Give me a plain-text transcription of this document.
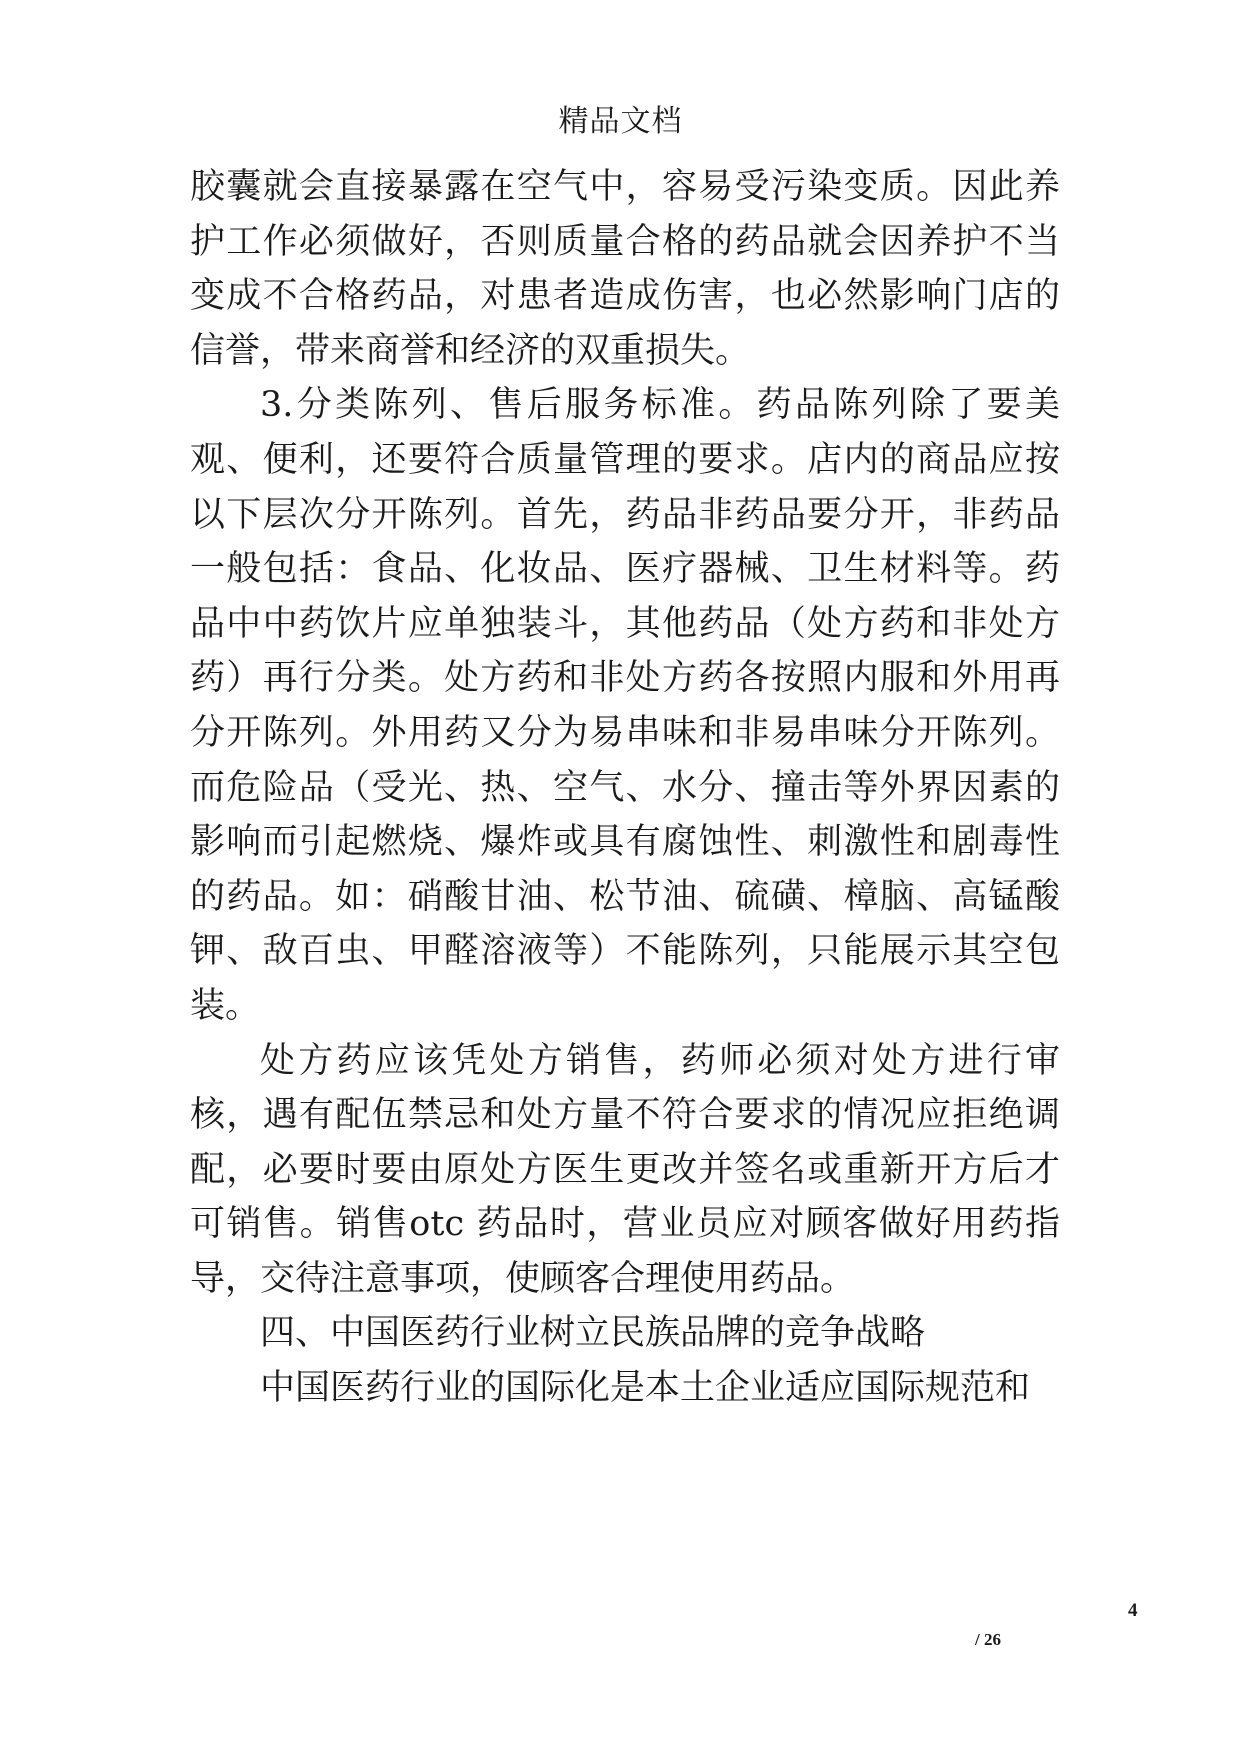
精品文档

胶囊就会直接暴露在空气中，容易受污染变质。因此养护工作必须做好，否则质量合格的药品就会因养护不当变成不合格药品，对患者造成伤害，也必然影响门店的信誉，带来商誉和经济的双重损失。

3.分类陈列、售后服务标准。药品陈列除了要美观、便利，还要符合质量管理的要求。店内的商品应按以下层次分开陈列。首先，药品非药品要分开，非药品一般包括：食品、化妆品、医疗器械、卫生材料等。药品中中药饮片应单独装斗，其他药品（处方药和非处方药）再行分类。处方药和非处方药各按照内服和外用再分开陈列。外用药又分为易串味和非易串味分开陈列。而危险品（受光、热、空气、水分、撞击等外界因素的影响而引起燃烧、爆炸或具有腐蚀性、刺激性和剧毒性的药品。如：硝酸甘油、松节油、硫磺、樟脑、高锰酸钾、敌百虫、甲醛溶液等）不能陈列，只能展示其空包装。

处方药应该凭处方销售，药师必须对处方进行审核，遇有配伍禁忌和处方量不符合要求的情况应拒绝调配，必要时要由原处方医生更改并签名或重新开方后才可销售。销售otc 药品时，营业员应对顾客做好用药指导，交待注意事项，使顾客合理使用药品。

四、中国医药行业树立民族品牌的竞争战略

中国医药行业的国际化是本土企业适应国际规范和

4
/ 26
